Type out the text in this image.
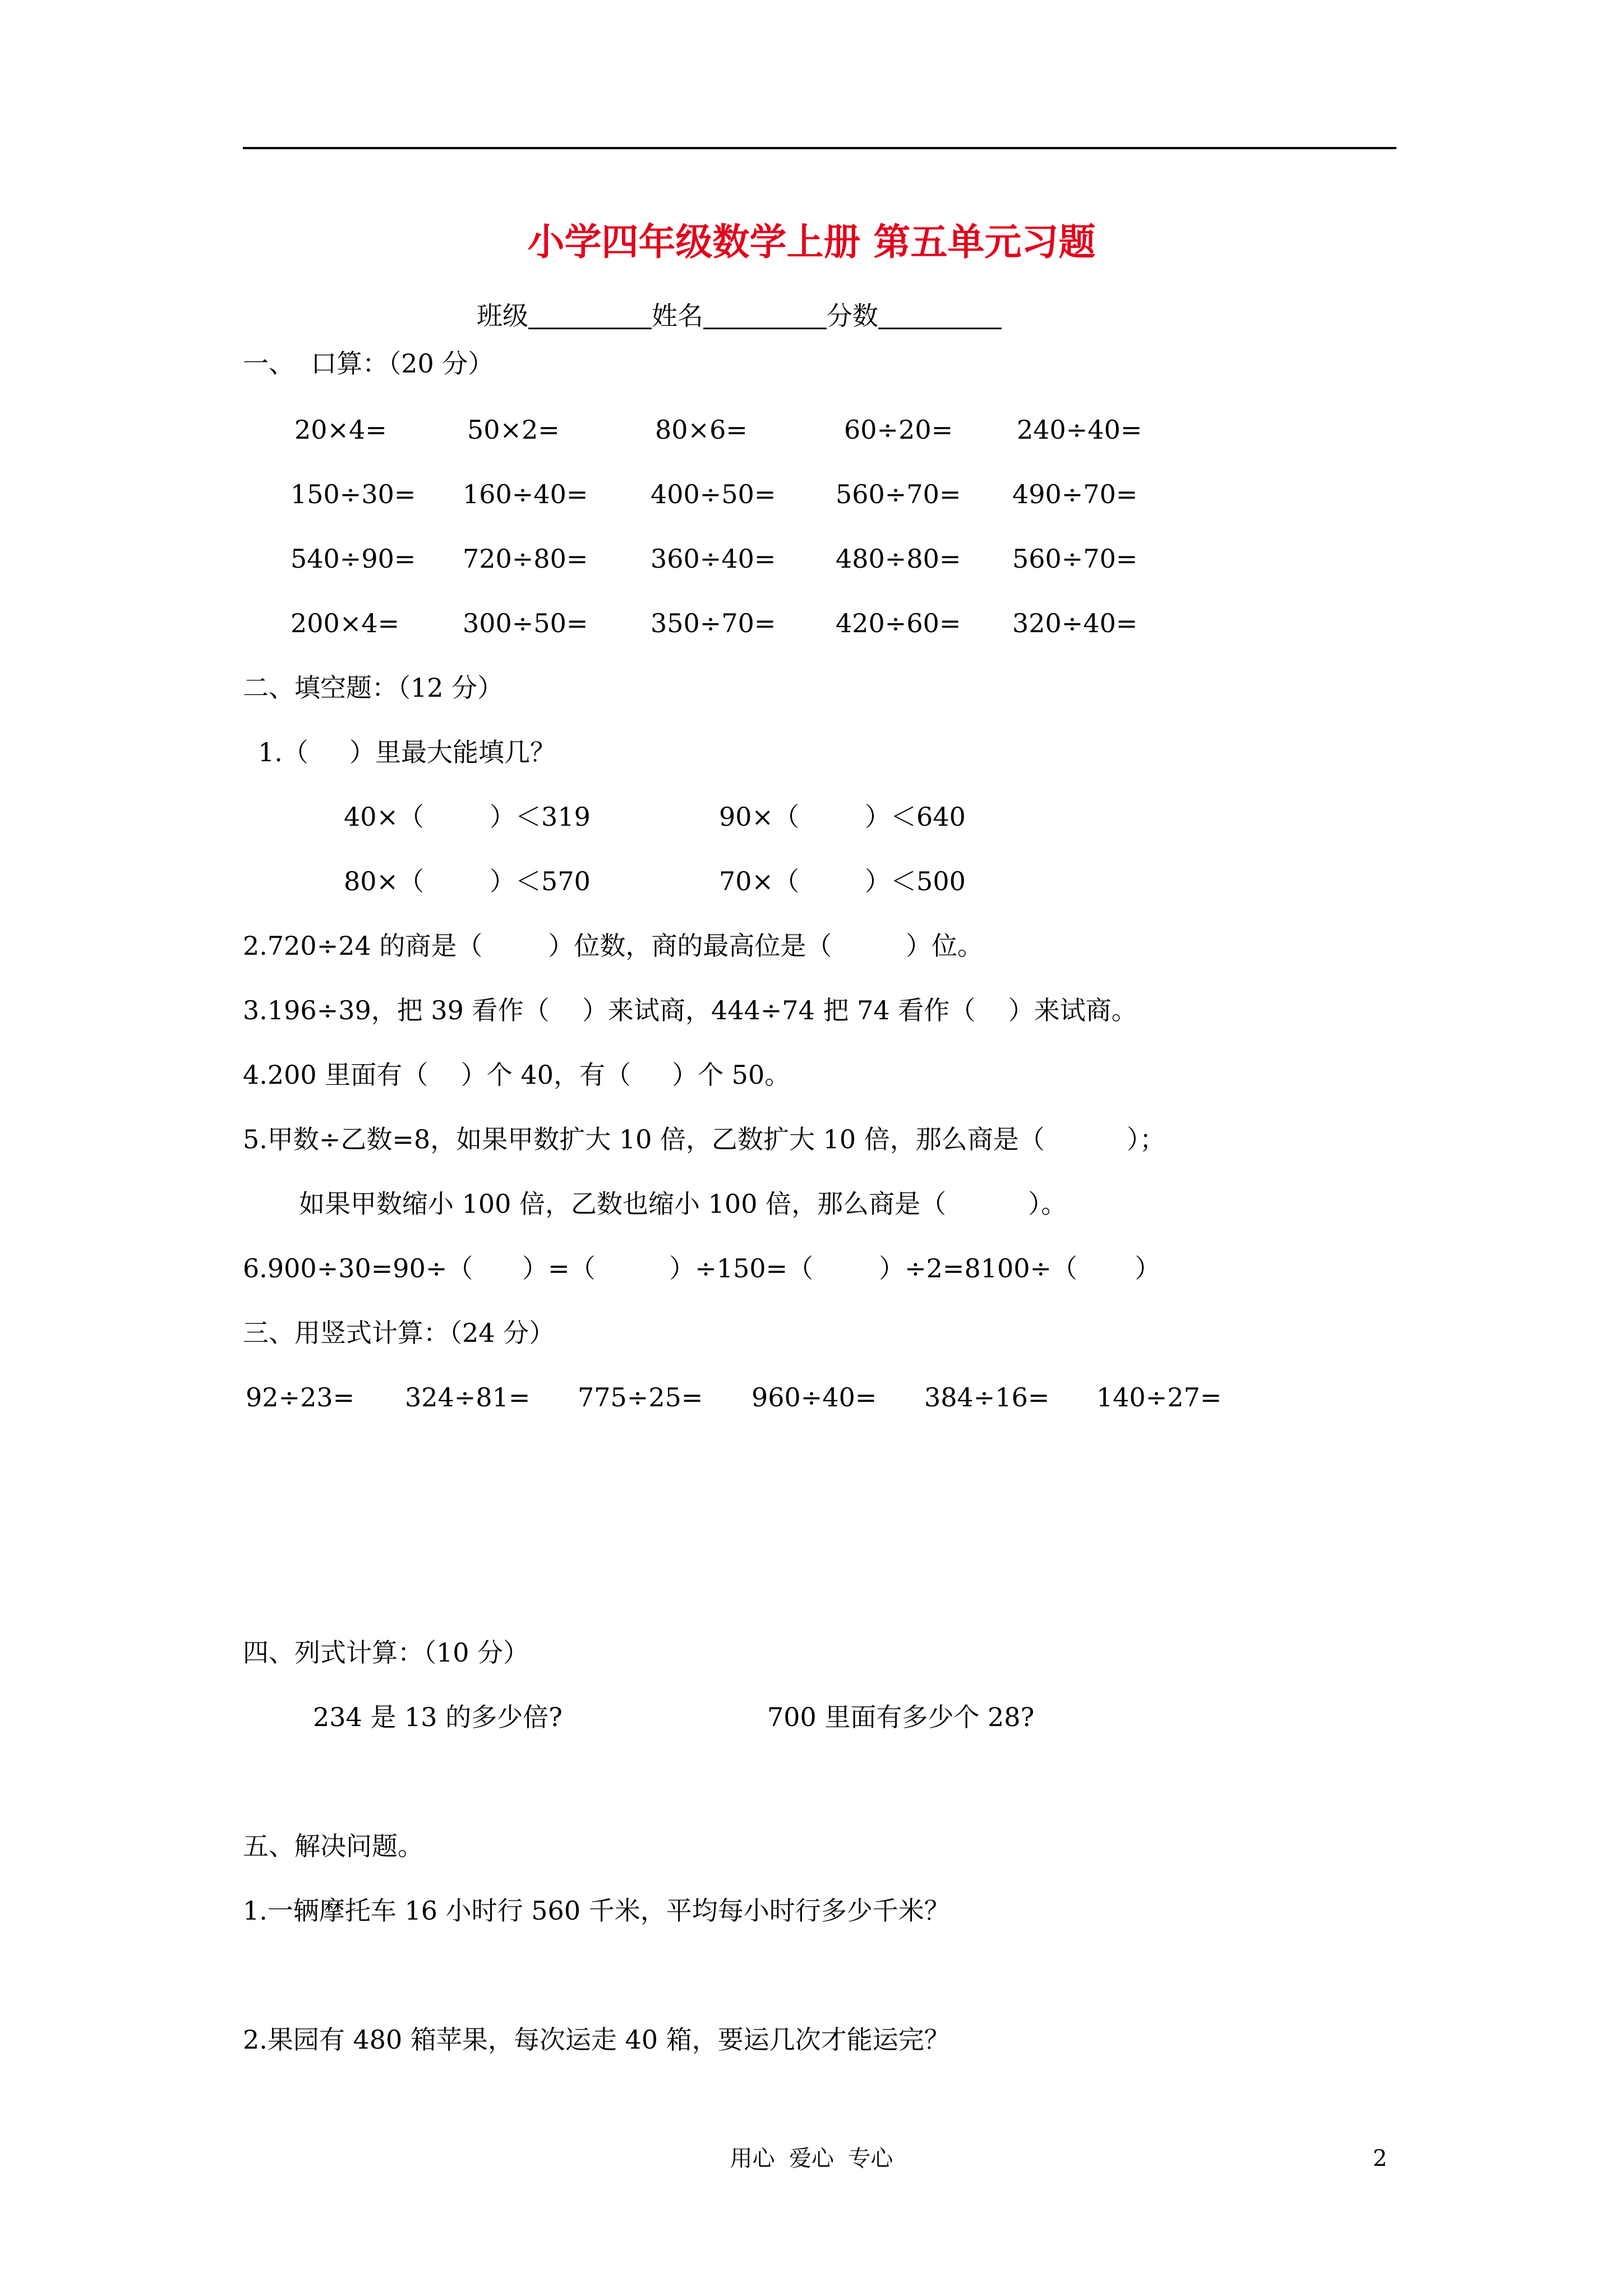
小学四年级数学上册 第五单元习题
班级	姓名	分数
一、  口算：（20 分）
20×4=	50×2=	80×6=	60÷20= 240÷40=
150÷30= 160÷40= 400÷50= 560÷70= 490÷70=
540÷90= 720÷80= 360÷40= 480÷80= 560÷70=
200×4= 300÷50= 350÷70= 420÷60= 320÷40=
二、填空题：（12 分）
1.（     ）里最大能填几？
40×（        ）＜319	90×（        ）＜640
80×（        ）＜570	70×（        ）＜500
2.720÷24 的商是（        ）位数，商的最高位是（         ）位。
3.196÷39，把 39 看作（    ）来试商，444÷74 把 74 看作（    ）来试商。
4.200 里面有（    ）个 40，有（     ）个 50。
5.甲数÷乙数=8，如果甲数扩大 10 倍，乙数扩大 10 倍，那么商是（          ）；
如果甲数缩小 100 倍，乙数也缩小 100 倍，那么商是（          ）。
6.900÷30=90÷（      ）=（         ）÷150=（        ）÷2=8100÷（       ）
三、用竖式计算：（24 分）
92÷23= 324÷81= 775÷25= 960÷40= 384÷16= 140÷27=
四、列式计算：（10 分）
234 是 13 的多少倍?	700 里面有多少个 28?
五、解决问题。
1.一辆摩托车 16 小时行 560 千米，平均每小时行多少千米？
2.果园有 480 箱苹果，每次运走 40 箱，要运几次才能运完？
用心  爱心  专心	2
